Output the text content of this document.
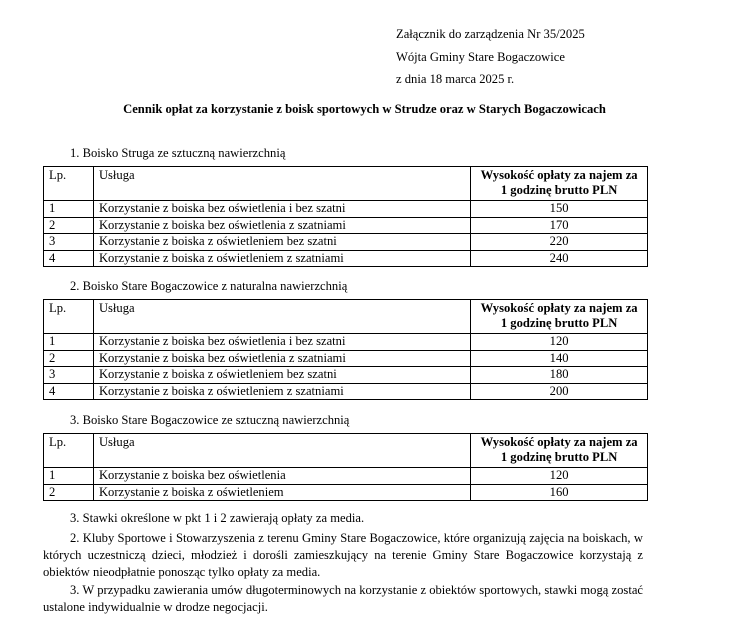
Załącznik do zarządzenia Nr 35/2025
Wójta Gminy Stare Bogaczowice
z dnia 18 marca 2025 r.
Cennik opłat za korzystanie z boisk sportowych w Strudze oraz w Starych Bogaczowicach
1. Boisko Struga ze sztuczną nawierzchnią
Lp.	Usługa	Wysokość opłaty za najem za
1 godzinę brutto PLN
1	Korzystanie z boiska bez oświetlenia i bez szatni	150
2	Korzystanie z boiska bez oświetlenia z szatniami	170
3	Korzystanie z boiska z oświetleniem bez szatni	220
4	Korzystanie z boiska z oświetleniem z szatniami	240
2. Boisko Stare Bogaczowice z naturalna nawierzchnią
Lp.	Usługa	Wysokość opłaty za najem za
1 godzinę brutto PLN
1	Korzystanie z boiska bez oświetlenia i bez szatni	120
2	Korzystanie z boiska bez oświetlenia z szatniami	140
3	Korzystanie z boiska z oświetleniem bez szatni	180
4	Korzystanie z boiska z oświetleniem z szatniami	200
3. Boisko Stare Bogaczowice ze sztuczną nawierzchnią
Lp.	Usługa	Wysokość opłaty za najem za
1 godzinę brutto PLN
1	Korzystanie z boiska bez oświetlenia	120
2	Korzystanie z boiska z oświetleniem	160
3. Stawki określone w pkt 1 i 2 zawierają opłaty za media.
2. Kluby Sportowe i Stowarzyszenia z terenu Gminy Stare Bogaczowice, które organizują zajęcia na boiskach, w których uczestniczą dzieci, młodzież i dorośli zamieszkujący na terenie Gminy Stare Bogaczowice korzystają z obiektów nieodpłatnie ponosząc tylko opłaty za media.
3. W przypadku zawierania umów długoterminowych na korzystanie z obiektów sportowych, stawki mogą zostać ustalone indywidualnie w drodze negocjacji.
